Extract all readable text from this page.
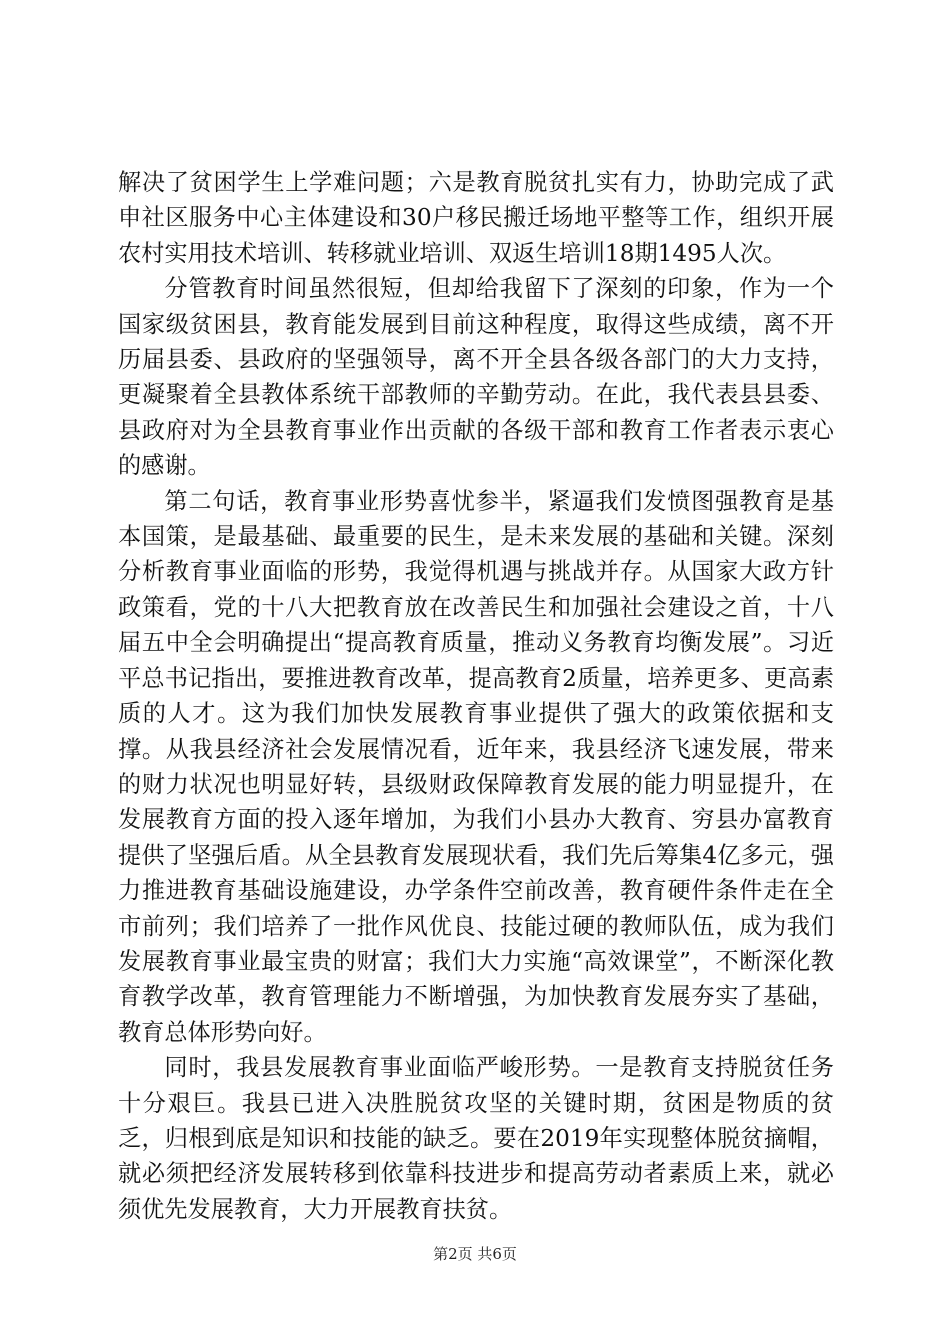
解决了贫困学生上学难问题；六是教育脱贫扎实有力，协助完成了武申社区服务中心主体建设和30户移民搬迁场地平整等工作，组织开展农村实用技术培训、转移就业培训、双返生培训18期1495人次。

分管教育时间虽然很短，但却给我留下了深刻的印象，作为一个国家级贫困县，教育能发展到目前这种程度，取得这些成绩，离不开历届县委、县政府的坚强领导，离不开全县各级各部门的大力支持，更凝聚着全县教体系统干部教师的辛勤劳动。在此，我代表县县委、县政府对为全县教育事业作出贡献的各级干部和教育工作者表示衷心的感谢。

第二句话，教育事业形势喜忧参半，紧逼我们发愤图强教育是基本国策，是最基础、最重要的民生，是未来发展的基础和关键。深刻分析教育事业面临的形势，我觉得机遇与挑战并存。从国家大政方针政策看，党的十八大把教育放在改善民生和加强社会建设之首，十八届五中全会明确提出“提高教育质量，推动义务教育均衡发展”。习近平总书记指出，要推进教育改革，提高教育2质量，培养更多、更高素质的人才。这为我们加快发展教育事业提供了强大的政策依据和支撑。从我县经济社会发展情况看，近年来，我县经济飞速发展，带来的财力状况也明显好转，县级财政保障教育发展的能力明显提升，在发展教育方面的投入逐年增加，为我们小县办大教育、穷县办富教育提供了坚强后盾。从全县教育发展现状看，我们先后筹集4亿多元，强力推进教育基础设施建设，办学条件空前改善，教育硬件条件走在全市前列；我们培养了一批作风优良、技能过硬的教师队伍，成为我们发展教育事业最宝贵的财富；我们大力实施“高效课堂”，不断深化教育教学改革，教育管理能力不断增强，为加快教育发展夯实了基础，教育总体形势向好。

同时，我县发展教育事业面临严峻形势。一是教育支持脱贫任务十分艰巨。我县已进入决胜脱贫攻坚的关键时期，贫困是物质的贫乏，归根到底是知识和技能的缺乏。要在2019年实现整体脱贫摘帽，就必须把经济发展转移到依靠科技进步和提高劳动者素质上来，就必须优先发展教育，大力开展教育扶贫。

第2页 共6页
